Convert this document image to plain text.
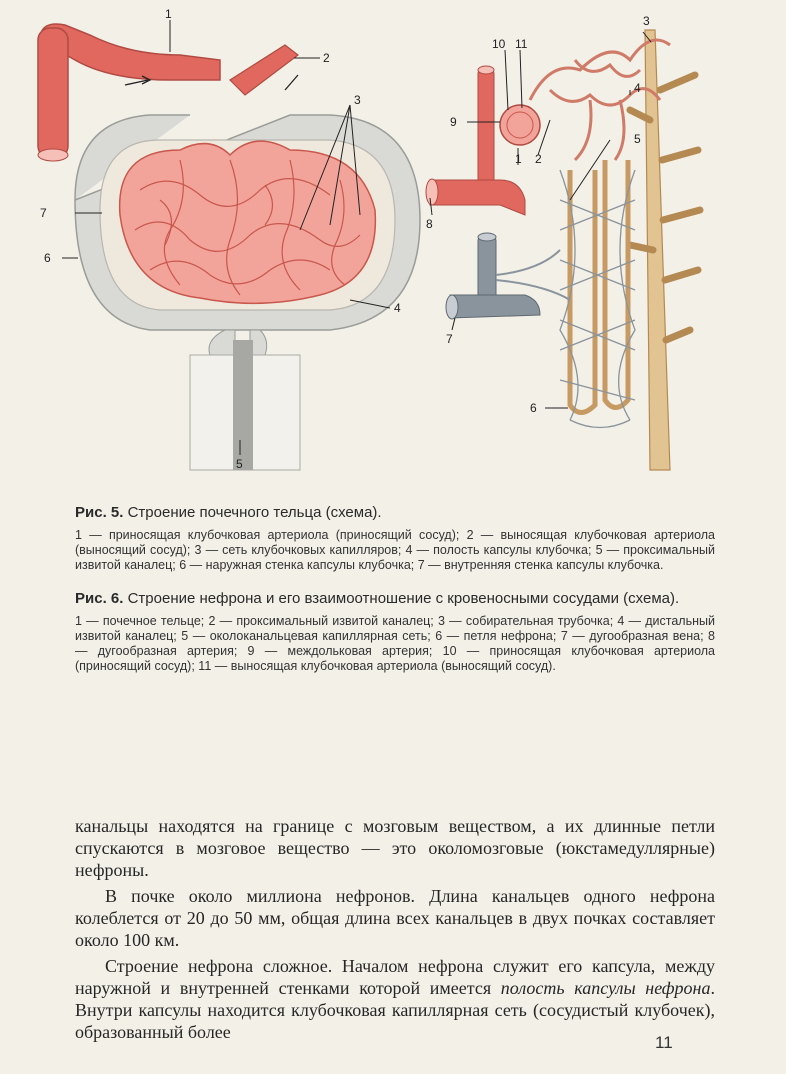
1
2
3
4
5
6
7
1 2
3
4
5
6
7
8
9
10 11

Рис. 5. Строение почечного тельца (схема).

1 — приносящая клубочковая артериола (приносящий сосуд); 2 — выносящая клубочковая артериола (выносящий сосуд); 3 — сеть клубочковых капилляров; 4 — полость капсулы клубочка; 5 — проксимальный извитой каналец; 6 — наружная стенка капсулы клубочка; 7 — внутренняя стенка капсулы клубочка.

Рис. 6. Строение нефрона и его взаимоотношение с кровеносными сосудами (схема).

1 — почечное тельце; 2 — проксимальный извитой каналец; 3 — собирательная трубочка; 4 — дистальный извитой каналец; 5 — околоканальцевая капиллярная сеть; 6 — петля нефрона; 7 — дугообразная вена; 8 — дугообразная артерия; 9 — междольковая артерия; 10 — приносящая клубочковая артериола (приносящий сосуд); 11 — выносящая клубочковая артериола (выносящий сосуд).

канальцы находятся на границе с мозговым веществом, а их длинные петли спускаются в мозговое вещество — это околомозговые (юкстамедуллярные) нефроны.

В почке около миллиона нефронов. Длина канальцев одного нефрона колеблется от 20 до 50 мм, общая длина всех канальцев в двух почках составляет около 100 км.

Строение нефрона сложное. Началом нефрона служит его капсула, между наружной и внутренней стенками которой имеется полость капсулы нефрона. Внутри капсулы находится клубочковая капиллярная сеть (сосудистый клубочек), образованный более

11
